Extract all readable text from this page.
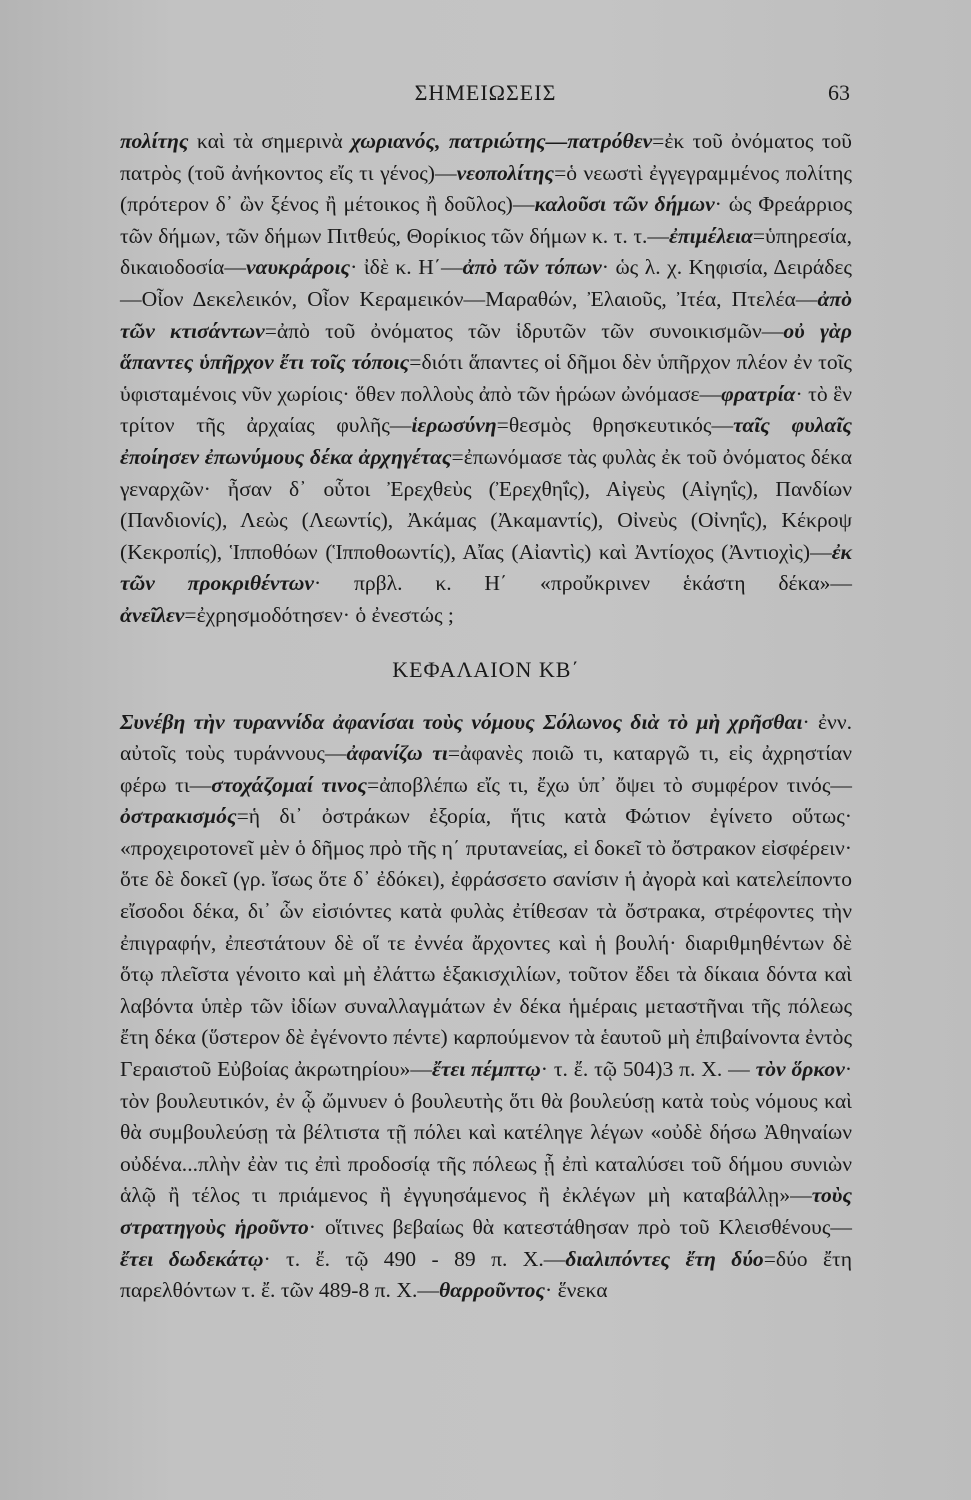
ΣΗΜΕΙΩΣΕΙΣ	63

πολίτης καὶ τὰ σημερινὰ χωριανός, πατριώτης—πατρόθεν=ἐκ τοῦ ὀνόματος τοῦ πατρὸς (τοῦ ἀνήκοντος εἴς τι γένος)—νεοπολίτης=ὁ νεωστὶ ἐγγεγραμμένος πολίτης (πρότερον δ᾽ ὢν ξένος ἢ μέτοικος ἢ δοῦλος)—καλοῦσι τῶν δήμων· ὡς Φρεάρριος τῶν δήμων, τῶν δήμων Πιτθεύς, Θορίκιος τῶν δήμων κ. τ. τ.—ἐπιμέλεια=ὑπηρεσία, δικαιοδοσία—ναυκράροις· ἰδὲ κ. Η΄—ἀπὸ τῶν τόπων· ὡς λ. χ. Κηφισία, Δειράδες—Οἶον Δεκελεικόν, Οἶον Κεραμεικόν—Μαραθών, Ἐλαιοῦς, Ἰτέα, Πτελέα—ἀπὸ τῶν κτισάντων=ἀπὸ τοῦ ὀνόματος τῶν ἱδρυτῶν τῶν συνοικισμῶν—οὐ γὰρ ἅπαντες ὑπῆρχον ἔτι τοῖς τόποις=διότι ἅπαντες οἱ δῆμοι δὲν ὑπῆρχον πλέον ἐν τοῖς ὑφισταμένοις νῦν χωρίοις· ὅθεν πολλοὺς ἀπὸ τῶν ἡρώων ὠνόμασε—φρατρία· τὸ ἓν τρίτον τῆς ἀρχαίας φυλῆς—ἱερωσύνη=θεσμὸς θρησκευτικός—ταῖς φυλαῖς ἐποίησεν ἐπωνύμους δέκα ἀρχηγέτας=ἐπωνόμασε τὰς φυλὰς ἐκ τοῦ ὀνόματος δέκα γεναρχῶν· ἦσαν δ᾽ οὗτοι Ἐρεχθεὺς (Ἐρεχθηΐς), Αἰγεὺς (Αἰγηΐς), Πανδίων (Πανδιονίς), Λεὼς (Λεωντίς), Ἀκάμας (Ἀκαμαντίς), Οἰνεὺς (Οἰνηΐς), Κέκροψ (Κεκροπίς), Ἱπποθόων (Ἱπποθοωντίς), Αἴας (Αἰαντὶς) καὶ Ἀντίοχος (Ἀντιοχὶς)—ἐκ τῶν προκριθέντων· πρβλ. κ. Η΄ «προὔκρινεν ἑκάστη δέκα»—ἀνεῖλεν=ἐχρησμοδότησεν· ὁ ἐνεστώς ;

ΚΕΦΑΛΑΙΟΝ ΚΒ΄

Συνέβη τὴν τυραννίδα ἀφανίσαι τοὺς νόμους Σόλωνος διὰ τὸ μὴ χρῆσθαι· ἐνν. αὐτοῖς τοὺς τυράννους—ἀφανίζω τι=ἀφανὲς ποιῶ τι, καταργῶ τι, εἰς ἀχρηστίαν φέρω τι—στοχάζομαί τινος=ἀποβλέπω εἴς τι, ἔχω ὑπ᾽ ὄψει τὸ συμφέρον τινός—ὀστρακισμός=ἡ δι᾽ ὀστράκων ἐξορία, ἥτις κατὰ Φώτιον ἐγίνετο οὕτως· «προχειροτονεῖ μὲν ὁ δῆμος πρὸ τῆς η΄ πρυτανείας, εἰ δοκεῖ τὸ ὄστρακον εἰσφέρειν· ὅτε δὲ δοκεῖ (γρ. ἴσως ὅτε δ᾽ ἐδόκει), ἐφράσσετο σανίσιν ἡ ἀγορὰ καὶ κατελείποντο εἴσοδοι δέκα, δι᾽ ὧν εἰσιόντες κατὰ φυλὰς ἐτίθεσαν τὰ ὄστρακα, στρέφοντες τὴν ἐπιγραφήν, ἐπεστάτουν δὲ οἵ τε ἐννέα ἄρχοντες καὶ ἡ βουλή· διαριθμηθέντων δὲ ὅτῳ πλεῖστα γένοιτο καὶ μὴ ἐλάττω ἑξακισχιλίων, τοῦτον ἔδει τὰ δίκαια δόντα καὶ λαβόντα ὑπὲρ τῶν ἰδίων συναλλαγμάτων ἐν δέκα ἡμέραις μεταστῆναι τῆς πόλεως ἔτη δέκα (ὕστερον δὲ ἐγένοντο πέντε) καρπούμενον τὰ ἑαυτοῦ μὴ ἐπιβαίνοντα ἐντὸς Γεραιστοῦ Εὐβοίας ἀκρωτηρίου»—ἔτει πέμπτῳ· τ. ἔ. τῷ 504)3 π. Χ. — τὸν ὅρκον· τὸν βουλευτικόν, ἐν ᾧ ὤμνυεν ὁ βουλευτὴς ὅτι θὰ βουλεύσῃ κατὰ τοὺς νόμους καὶ θὰ συμβουλεύσῃ τὰ βέλτιστα τῇ πόλει καὶ κατέληγε λέγων «οὐδὲ δήσω Ἀθηναίων οὐδένα...πλὴν ἐὰν τις ἐπὶ προδοσίᾳ τῆς πόλεως ᾖ ἐπὶ καταλύσει τοῦ δήμου συνιὼν ἁλῷ ἢ τέλος τι πριάμενος ἢ ἐγγυησάμενος ἢ ἐκλέγων μὴ καταβάλλῃ»—τοὺς στρατηγοὺς ἡροῦντο· οἵτινες βεβαίως θὰ κατεστάθησαν πρὸ τοῦ Κλεισθένους—ἔτει δωδεκάτῳ· τ. ἔ. τῷ 490 - 89 π. Χ.—διαλιπόντες ἔτη δύο=δύο ἔτη παρελθόντων τ. ἔ. τῶν 489-8 π. Χ.—θαρροῦντος· ἕνεκα
